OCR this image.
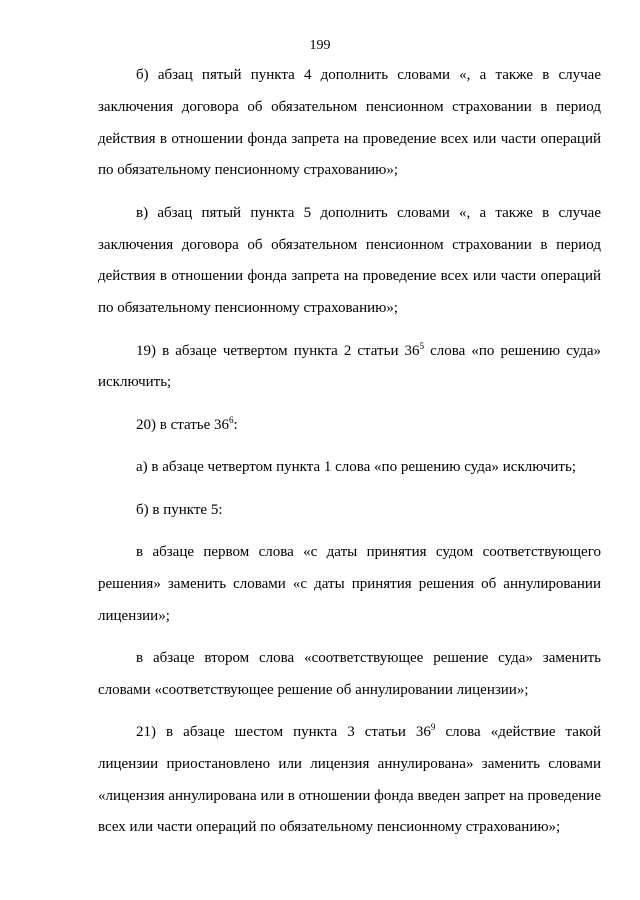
199

б) абзац пятый пункта 4 дополнить словами «, а также в случае заключения договора об обязательном пенсионном страховании в период действия в отношении фонда запрета на проведение всех или части операций по обязательному пенсионному страхованию»;

в) абзац пятый пункта 5 дополнить словами «, а также в случае заключения договора об обязательном пенсионном страховании в период действия в отношении фонда запрета на проведение всех или части операций по обязательному пенсионному страхованию»;

19) в абзаце четвертом пункта 2 статьи $36^5$ слова «по решению суда» исключить;

20) в статье $36^6$:

а) в абзаце четвертом пункта 1 слова «по решению суда» исключить;

б) в пункте 5:

в абзаце первом слова «с даты принятия судом соответствующего решения» заменить словами «с даты принятия решения об аннулировании лицензии»;

в абзаце втором слова «соответствующее решение суда» заменить словами «соответствующее решение об аннулировании лицензии»;

21) в абзаце шестом пункта 3 статьи $36^9$ слова «действие такой лицензии приостановлено или лицензия аннулирована» заменить словами «лицензия аннулирована или в отношении фонда введен запрет на проведение всех или части операций по обязательному пенсионному страхованию»;
